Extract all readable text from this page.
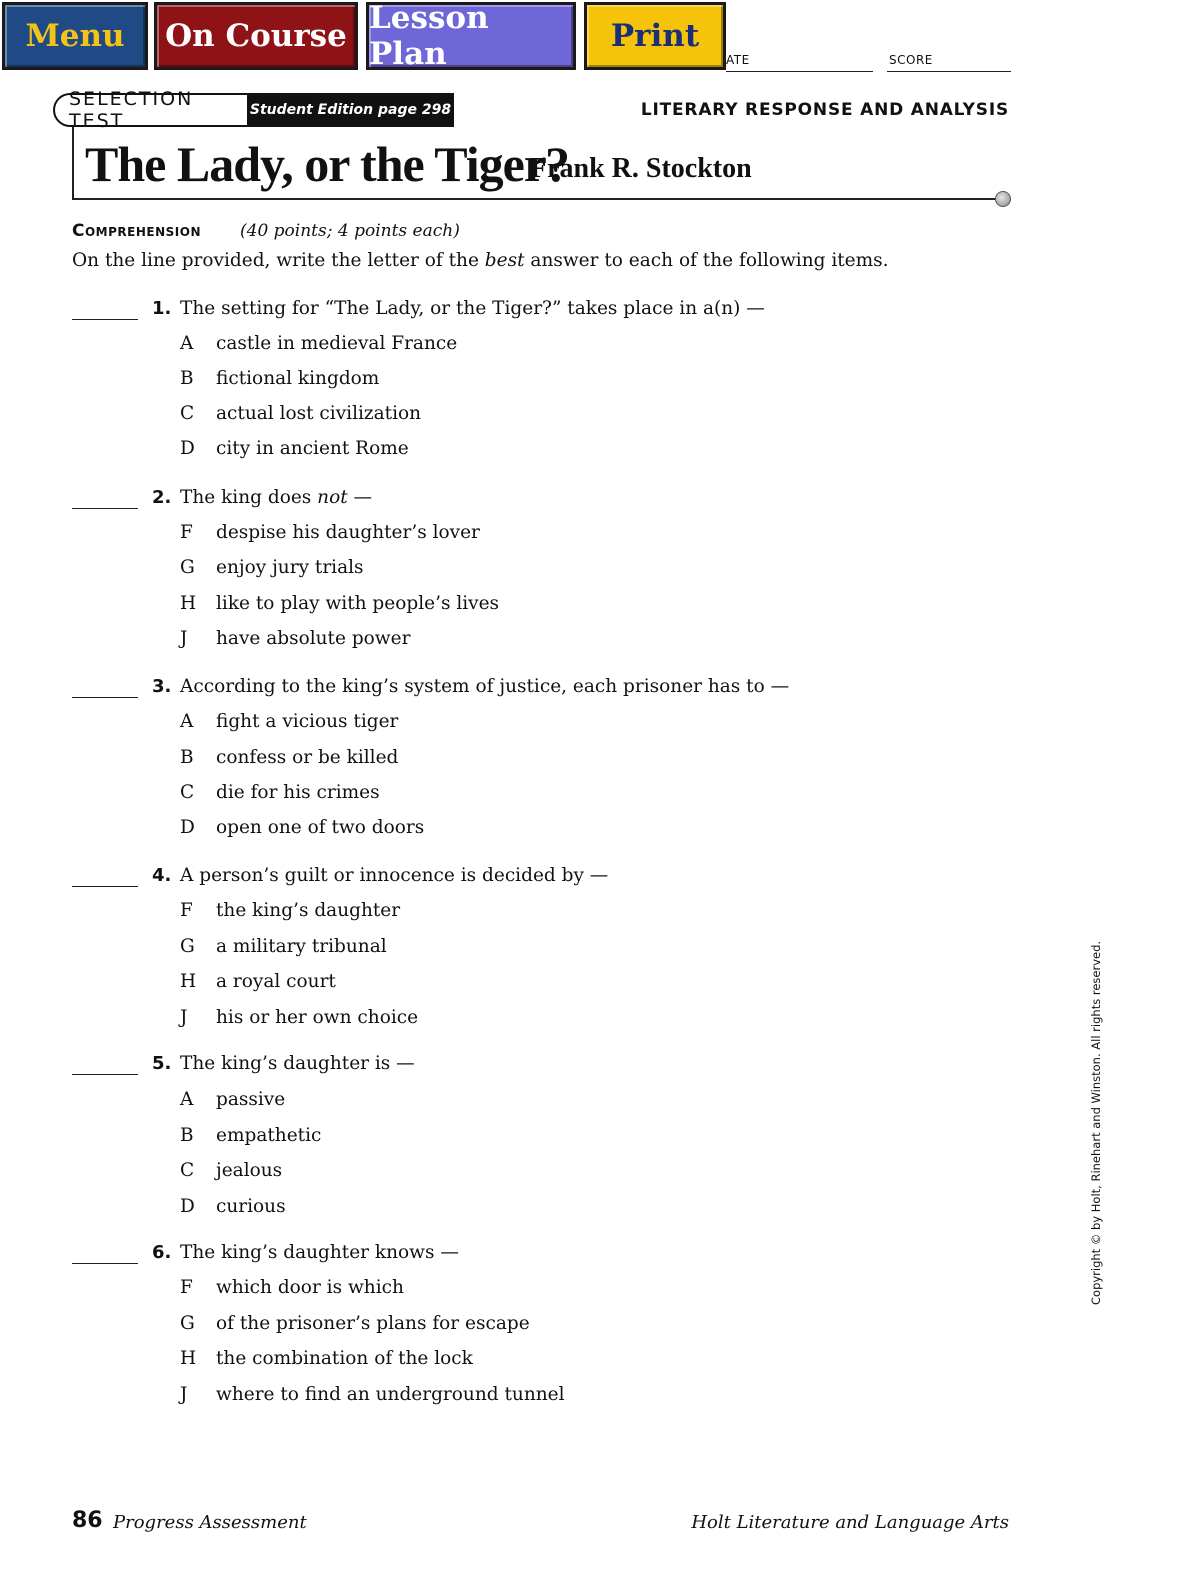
Menu	On Course Lesson Plan	Print
ATE	SCORE
SELECTION TEST	Student Edition page 298	LITERARY RESPONSE AND ANALYSIS
The Lady, or the Tiger?
Frank R. Stockton
Comprehension (40 points; 4 points each)
On the line provided, write the letter of the best answer to each of the following items.
1. The setting for “The Lady, or the Tiger?” takes place in a(n) —
A castle in medieval France
B fictional kingdom
C actual lost civilization
D city in ancient Rome
2. The king does not —
F despise his daughter’s lover
G enjoy jury trials
H like to play with people’s lives
J have absolute power
3. According to the king’s system of justice, each prisoner has to —
A fight a vicious tiger
B confess or be killed
C die for his crimes
D open one of two doors
4. A person’s guilt or innocence is decided by —
F the king’s daughter
G a military tribunal
H a royal court
J his or her own choice
5. The king’s daughter is —
A passive
B empathetic
C jealous
D curious
6. The king’s daughter knows —
F which door is which
G of the prisoner’s plans for escape
H the combination of the lock
J where to find an underground tunnel
Copyright © by Holt, Rinehart and Winston. All rights reserved.
86 Progress Assessment	Holt Literature and Language Arts
